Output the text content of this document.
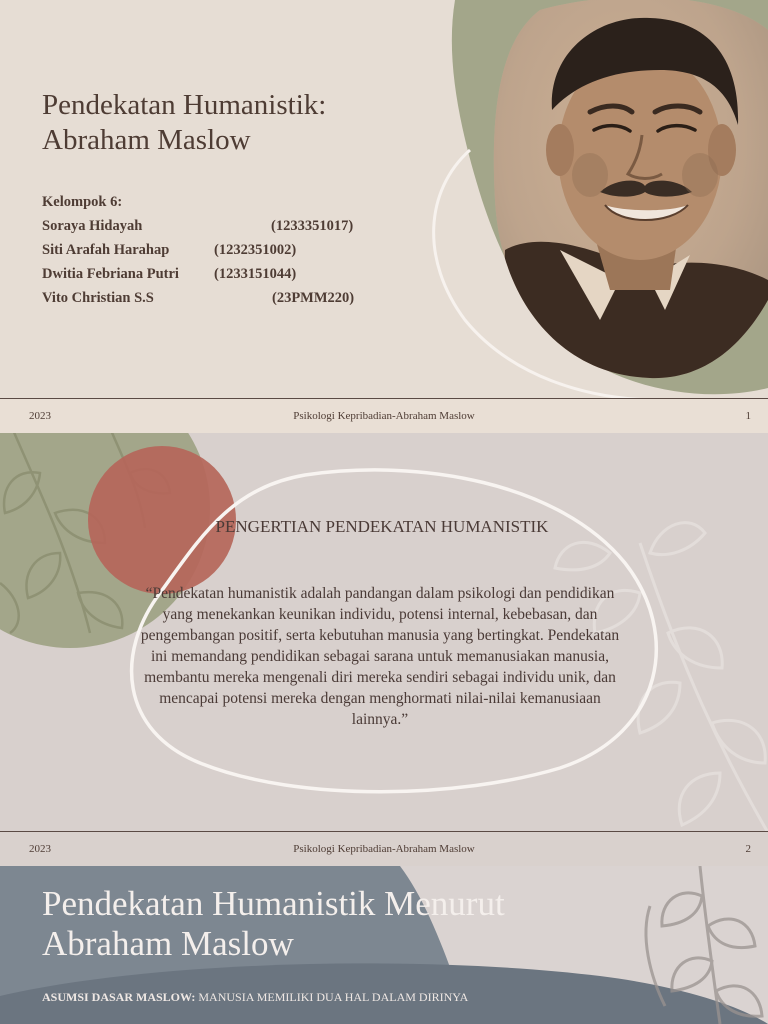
Pendekatan Humanistik:
Abraham Maslow
Kelompok 6:
Soraya Hidayah	(1233351017)
Siti Arafah Harahap	(1232351002)
Dwitia Febriana Putri (1233151044)
Vito Christian S.S	(23PMM220)
2023	Psikologi Kepribadian-Abraham Maslow	1
PENGERTIAN PENDEKATAN HUMANISTIK

“Pendekatan humanistik adalah pandangan dalam psikologi dan pendidikan yang menekankan keunikan individu, potensi internal, kebebasan, dan pengembangan positif, serta kebutuhan manusia yang bertingkat. Pendekatan ini memandang pendidikan sebagai sarana untuk memanusiakan manusia, membantu mereka mengenali diri mereka sendiri sebagai individu unik, dan mencapai potensi mereka dengan menghormati nilai-nilai kemanusiaan lainnya.”

2023	Psikologi Kepribadian-Abraham Maslow	2
Pendekatan Humanistik Menurut
Abraham Maslow
ASUMSI DASAR MASLOW: MANUSIA MEMILIKI DUA HAL DALAM DIRINYA
